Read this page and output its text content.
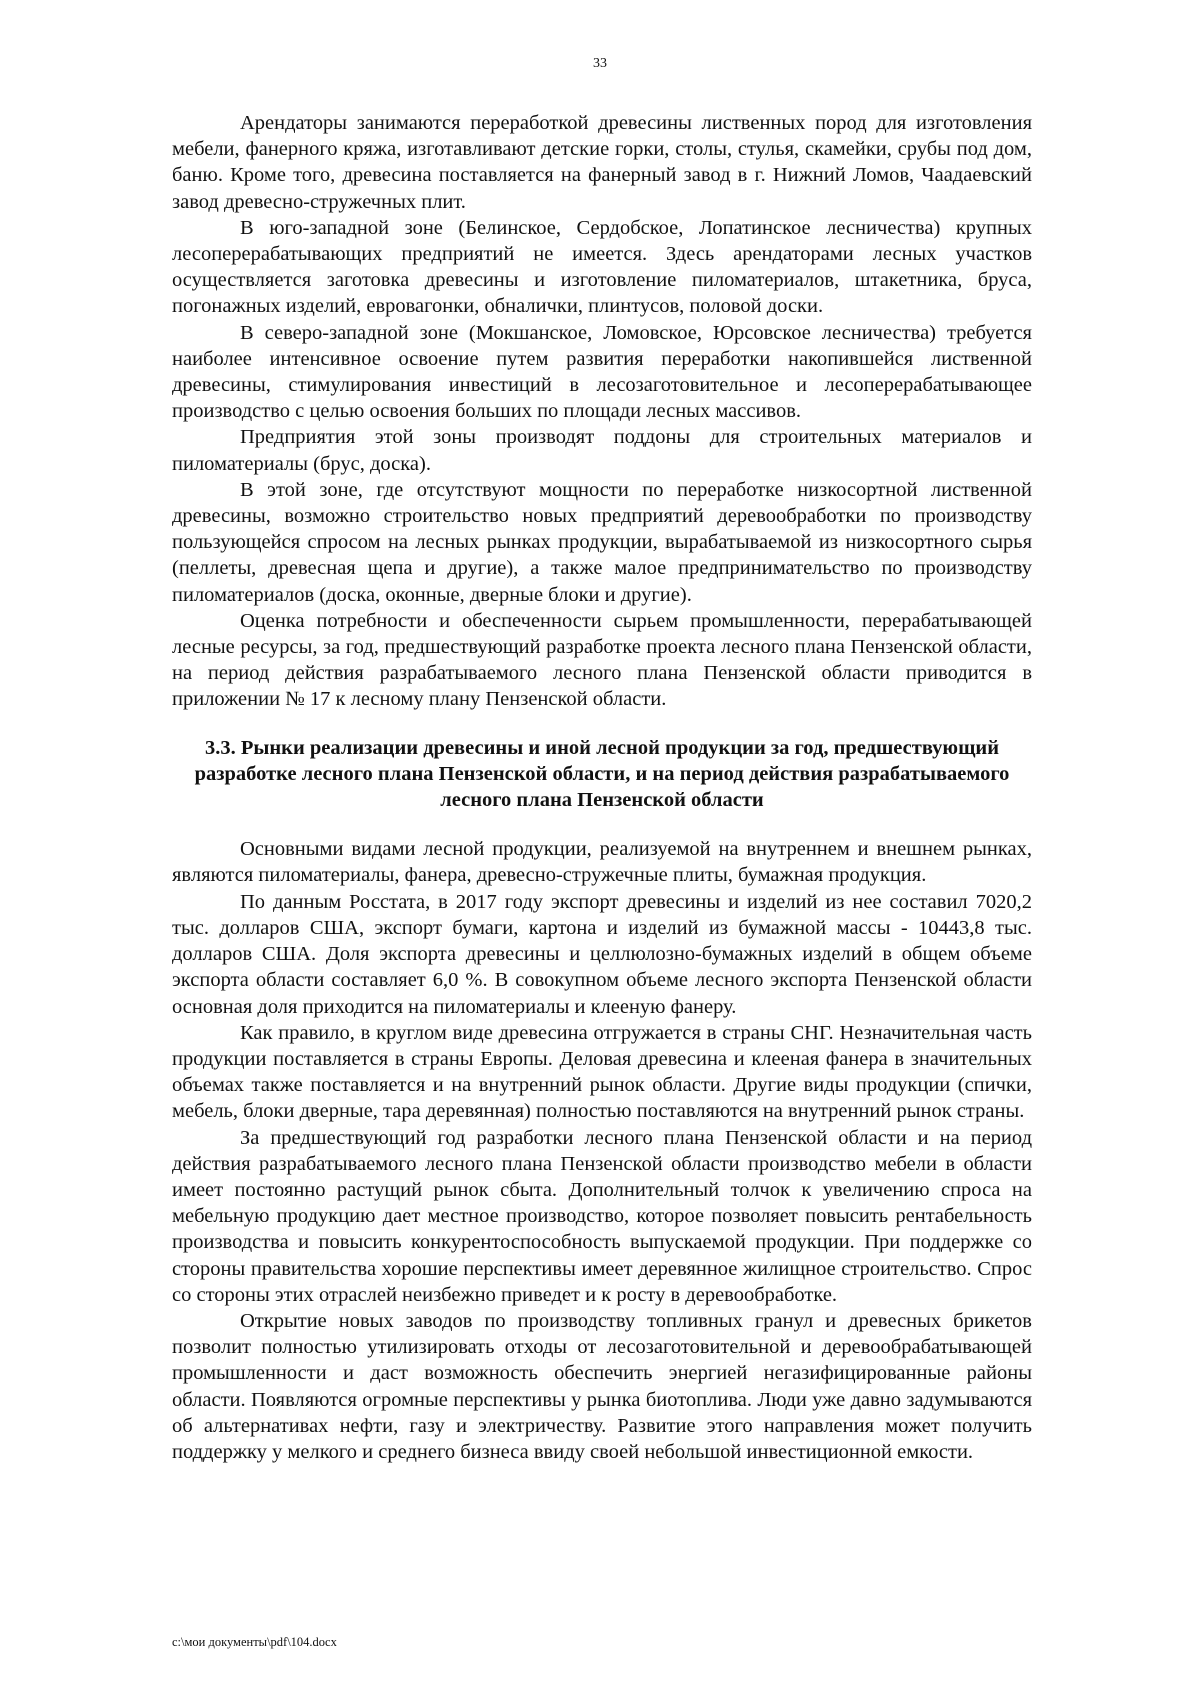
33

Арендаторы занимаются переработкой древесины лиственных пород для изготовления мебели, фанерного кряжа, изготавливают детские горки, столы, стулья, скамейки, срубы под дом, баню. Кроме того, древесина поставляется на фанерный завод в г. Нижний Ломов, Чаадаевский завод древесно-стружечных плит.

В юго-западной зоне (Белинское, Сердобское, Лопатинское лесничества) крупных лесоперерабатывающих предприятий не имеется. Здесь арендаторами лесных участков осуществляется заготовка древесины и изготовление пиломатериалов, штакетника, бруса, погонажных изделий, евровагонки, обналички, плинтусов, половой доски.

В северо-западной зоне (Мокшанское, Ломовское, Юрсовское лесничества) требуется наиболее интенсивное освоение путем развития переработки накопившейся лиственной древесины, стимулирования инвестиций в лесозаготовительное и лесоперерабатывающее производство с целью освоения больших по площади лесных массивов.

Предприятия этой зоны производят поддоны для строительных материалов и пиломатериалы (брус, доска).

В этой зоне, где отсутствуют мощности по переработке низкосортной лиственной древесины, возможно строительство новых предприятий деревообработки по производству пользующейся спросом на лесных рынках продукции, вырабатываемой из низкосортного сырья (пеллеты, древесная щепа и другие), а также малое предпринимательство по производству пиломатериалов (доска, оконные, дверные блоки и другие).

Оценка потребности и обеспеченности сырьем промышленности, перерабатывающей лесные ресурсы, за год, предшествующий разработке проекта лесного плана Пензенской области, на период действия разрабатываемого лесного плана Пензенской области приводится в приложении № 17 к лесному плану Пензенской области.

3.3. Рынки реализации древесины и иной лесной продукции за год, предшествующий разработке лесного плана Пензенской области, и на период действия разрабатываемого лесного плана Пензенской области

Основными видами лесной продукции, реализуемой на внутреннем и внешнем рынках, являются пиломатериалы, фанера, древесно-стружечные плиты, бумажная продукция.

По данным Росстата, в 2017 году экспорт древесины и изделий из нее составил 7020,2 тыс. долларов США, экспорт бумаги, картона и изделий из бумажной массы - 10443,8 тыс. долларов США. Доля экспорта древесины и целлюлозно-бумажных изделий в общем объеме экспорта области составляет 6,0 %. В совокупном объеме лесного экспорта Пензенской области основная доля приходится на пиломатериалы и клееную фанеру.

Как правило, в круглом виде древесина отгружается в страны СНГ. Незначительная часть продукции поставляется в страны Европы. Деловая древесина и клееная фанера в значительных объемах также поставляется и на внутренний рынок области. Другие виды продукции (спички, мебель, блоки дверные, тара деревянная) полностью поставляются на внутренний рынок страны.

За предшествующий год разработки лесного плана Пензенской области и на период действия разрабатываемого лесного плана Пензенской области производство мебели в области имеет постоянно растущий рынок сбыта. Дополнительный толчок к увеличению спроса на мебельную продукцию дает местное производство, которое позволяет повысить рентабельность производства и повысить конкурентоспособность выпускаемой продукции. При поддержке со стороны правительства хорошие перспективы имеет деревянное жилищное строительство. Спрос со стороны этих отраслей неизбежно приведет и к росту в деревообработке.

Открытие новых заводов по производству топливных гранул и древесных брикетов позволит полностью утилизировать отходы от лесозаготовительной и деревообрабатывающей промышленности и даст возможность обеспечить энергией негазифицированные районы области. Появляются огромные перспективы у рынка биотоплива. Люди уже давно задумываются об альтернативах нефти, газу и электричеству. Развитие этого направления может получить поддержку у мелкого и среднего бизнеса ввиду своей небольшой инвестиционной емкости.

c:\мои документы\pdf\104.docx
